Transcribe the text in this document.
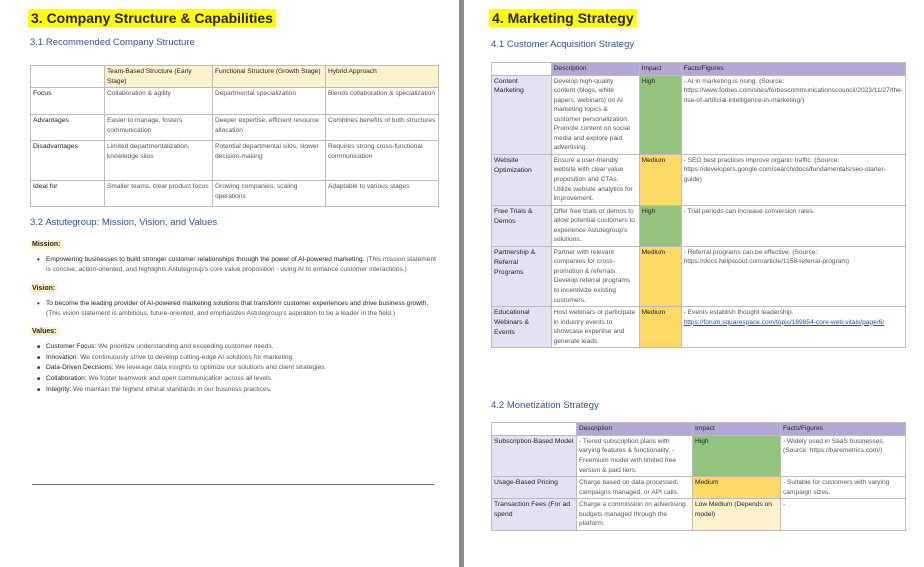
3. Company Structure & Capabilities
3.1 Recommended Company Structure
	Team-Based Structure (Early Stage)	Functional Structure (Growth Stage)	Hybrid Approach
Focus	Collaboration & agility	Departmental specialization	Blends collaboration & specialization
Advantages	Easier to manage, fosters communication	Deeper expertise, efficient resource allocation	Combines benefits of both structures
Disadvantages	Limited departmentalization, knowledge silos	Potential departmental silos, slower decision-making	Requires strong cross-functional communication
Ideal for	Smaller teams, clear product focus	Growing companies, scaling operations	Adaptable to various stages
3.2 Astutegroup: Mission, Vision, and Values
Mission:
• Empowering businesses to build stronger customer relationships through the power of AI-powered marketing. (This mission statement is concise, action-oriented, and highlights Astutegroup's core value proposition - using AI to enhance customer interactions.)
Vision:
• To become the leading provider of AI-powered marketing solutions that transform customer experiences and drive business growth. (This vision statement is ambitious, future-oriented, and emphasizes Astutegroup's aspiration to be a leader in the field.)
Values:
■ Customer Focus: We prioritize understanding and exceeding customer needs.
■ Innovation: We continuously strive to develop cutting-edge AI solutions for marketing.
■ Data-Driven Decisions: We leverage data insights to optimize our solutions and client strategies.
■ Collaboration: We foster teamwork and open communication across all levels.
■ Integrity: We maintain the highest ethical standards in our business practices.
4. Marketing Strategy
4.1 Customer Acquisition Strategy
	Description	Impact	Facts/Figures
Content Marketing	Develop high-quality content (blogs, white papers, webinars) on AI marketing topics & customer personalization. Promote content on social media and explore paid advertising.	High	- AI in marketing is rising. (Source: https://www.forbes.com/sites/forbescommunicationscouncil/2023/11/27/the-rise-of-artificial-intelligence-in-marketing/)
Website Optimization	Ensure a user-friendly website with clear value proposition and CTAs. Utilize website analytics for improvement.	Medium	- SEO best practices improve organic traffic. (Source: https://developers.google.com/search/docs/fundamentals/seo-starter-guide)
Free Trials & Demos	Offer free trials or demos to allow potential customers to experience Astutegroup's solutions.	High	- Trial periods can increase conversion rates.
Partnership & Referral Programs	Partner with relevant companies for cross-promotion & referrals. Develop referral programs to incentivize existing customers.	Medium	- Referral programs can be effective. (Source: https://docs.helpscout.com/article/1158-referral-program)
Educational Webinars & Events	Host webinars or participate in industry events to showcase expertise and generate leads.	Medium	- Events establish thought leadership.
https://forum.squarespace.com/topic/169854-core-web-vitals/page/6/
4.2 Monetization Strategy
	Description	Impact	Facts/Figures
Subscription-Based Model	- Tiered subscription plans with varying features & functionality. - Freemium model with limited free version & paid tiers.	High	- Widely used in SaaS businesses. (Source: https://baremetrics.com/)
Usage-Based Pricing	Charge based on data processed, campaigns managed, or API calls.	Medium	- Suitable for customers with varying campaign sizes.
Transaction Fees (For ad spend	Charge a commission on advertising budgets managed through the platform.	Low Medium (Depends on model)	-
